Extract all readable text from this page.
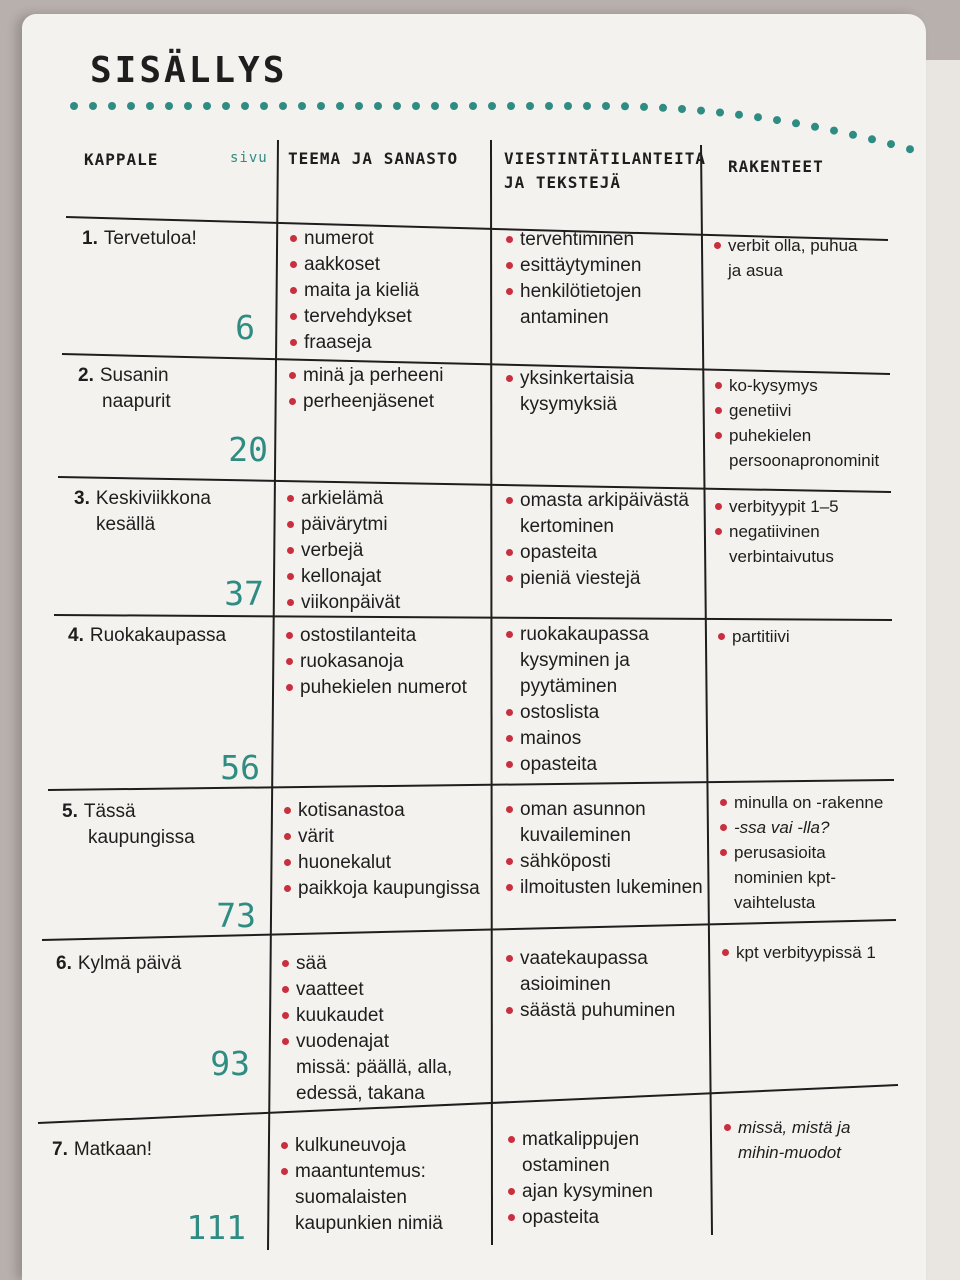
SISÄLLYS
KAPPALE	sivu TEEMA JA SANASTO	VIESTINTÄTILANTEITA
JA TEKSTEJÄ
RAKENTEET
1. Tervetuloa!
6
numerot
aakkoset
maita ja kieliä
tervehdykset
fraaseja
tervehtiminen
esittäytyminen
henkilötietojen
antaminen
verbit olla, puhua
ja asua
2. Susanin
naapurit
20
minä ja perheeni
perheenjäsenet
yksinkertaisia
kysymyksiä
ko-kysymys
genetiivi
puhekielen
persoonapronominit
3. Keskiviikkona
kesällä
37
arkielämä
päivärytmi
verbejä
kellonajat
viikonpäivät
omasta arkipäivästä
kertominen
opasteita
pieniä viestejä
verbityypit 1–5
negatiivinen
verbintaivutus
4. Ruokakaupassa
56
ostostilanteita
ruokasanoja
puhekielen numerot
ruokakaupassa
kysyminen ja
pyytäminen
ostoslista
mainos
opasteita
partitiivi
5. Tässä
kaupungissa
73
kotisanastoa
värit
huonekalut
paikkoja kaupungissa
oman asunnon
kuvaileminen
sähköposti
ilmoitusten lukeminen
minulla on -rakenne
-ssa vai -lla?
perusasioita
nominien kpt-
vaihtelusta
6. Kylmä päivä
93
sää
vaatteet
kuukaudet
vuodenajat
missä: päällä, alla,
edessä, takana
vaatekaupassa
asioiminen
säästä puhuminen
kpt verbityypissä 1
7. Matkaan!
111
kulkuneuvoja
maantuntemus:
suomalaisten
kaupunkien nimiä
matkalippujen
ostaminen
ajan kysyminen
opasteita
missä, mistä ja
mihin-muodot
